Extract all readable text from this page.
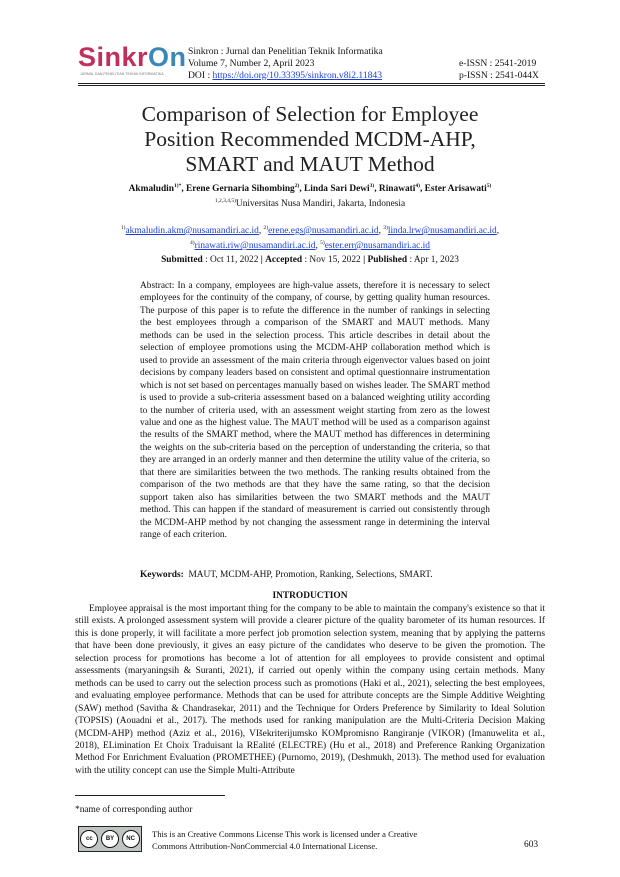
SinkrOn
JURNAL DAN PENELITIAN TEKNIK INFORMATIKA
Sinkron : Jurnal dan Penelitian Teknik Informatika
Volume 7, Number 2, April 2023
DOI : https://doi.org/10.33395/sinkron.v8i2.11843
e-ISSN : 2541-2019
p-ISSN : 2541-044X
Comparison of Selection for Employee
Position Recommended MCDM-AHP,
SMART and MAUT Method
Akmaludin$^{1)*}$, Erene Gernaria Sihombing$^{2)}$, Linda Sari Dewi$^{3)}$, Rinawati$^{4)}$, Ester Arisawati$^{5)}$
$^{1,2,3,4,5)}$Universitas Nusa Mandiri, Jakarta, Indonesia
$^{1)}$akmaludin.akm@nusamandiri.ac.id, $^{2)}$erene.egs@nusamandiri.ac.id, $^{3)}$linda.lrw@nusamandiri.ac.id,
$^{4)}$rinawati.riw@nusamandiri.ac.id, $^{5)}$ester.err@nusamandiri.ac.id
Submitted : Oct 11, 2022 | Accepted : Nov 15, 2022 | Published : Apr 1, 2023
Abstract: In a company, employees are high-value assets, therefore it is necessary to select employees for the continuity of the company, of course, by getting quality human resources. The purpose of this paper is to refute the difference in the number of rankings in selecting the best employees through a comparison of the SMART and MAUT methods. Many methods can be used in the selection process. This article describes in detail about the selection of employee promotions using the MCDM-AHP collaboration method which is used to provide an assessment of the main criteria through eigenvector values based on joint decisions by company leaders based on consistent and optimal questionnaire instrumentation which is not set based on percentages manually based on wishes leader. The SMART method is used to provide a sub-criteria assessment based on a balanced weighting utility according to the number of criteria used, with an assessment weight starting from zero as the lowest value and one as the highest value. The MAUT method will be used as a comparison against the results of the SMART method, where the MAUT method has differences in determining the weights on the sub-criteria based on the perception of understanding the criteria, so that they are arranged in an orderly manner and then determine the utility value of the criteria, so that there are similarities between the two methods. The ranking results obtained from the comparison of the two methods are that they have the same rating, so that the decision support taken also has similarities between the two SMART methods and the MAUT method. This can happen if the standard of measurement is carried out consistently through the MCDM-AHP method by not changing the assessment range in determining the interval range of each criterion.
Keywords: MAUT, MCDM-AHP, Promotion, Ranking, Selections, SMART.
INTRODUCTION
Employee appraisal is the most important thing for the company to be able to maintain the company's existence so that it still exists. A prolonged assessment system will provide a clearer picture of the quality barometer of its human resources. If this is done properly, it will facilitate a more perfect job promotion selection system, meaning that by applying the patterns that have been done previously, it gives an easy picture of the candidates who deserve to be given the promotion. The selection process for promotions has become a lot of attention for all employees to provide consistent and optimal assessments (maryaningsih & Suranti, 2021), if carried out openly within the company using certain methods. Many methods can be used to carry out the selection process such as promotions (Haki et al., 2021), selecting the best employees, and evaluating employee performance. Methods that can be used for attribute concepts are the Simple Additive Weighting (SAW) method (Savitha & Chandrasekar, 2011) and the Technique for Orders Preference by Similarity to Ideal Solution (TOPSIS) (Aouadni et al., 2017). The methods used for ranking manipulation are the Multi-Criteria Decision Making (MCDM-AHP) method (Aziz et al., 2016), VIšekriterijumsko KOMpromisno Rangiranje (VIKOR) (Imanuwelita et al., 2018), ELimination Et Choix Traduisant la REalité (ELECTRE) (Hu et al., 2018) and Preference Ranking Organization Method For Enrichment Evaluation (PROMETHEE) (Purnomo, 2019), (Deshmukh, 2013). The method used for evaluation with the utility concept can use the Simple Multi-Attribute
*name of corresponding author
cc	BY	NC	This is an Creative Commons License This work is licensed under a Creative
Commons Attribution-NonCommercial 4.0 International License.	603
